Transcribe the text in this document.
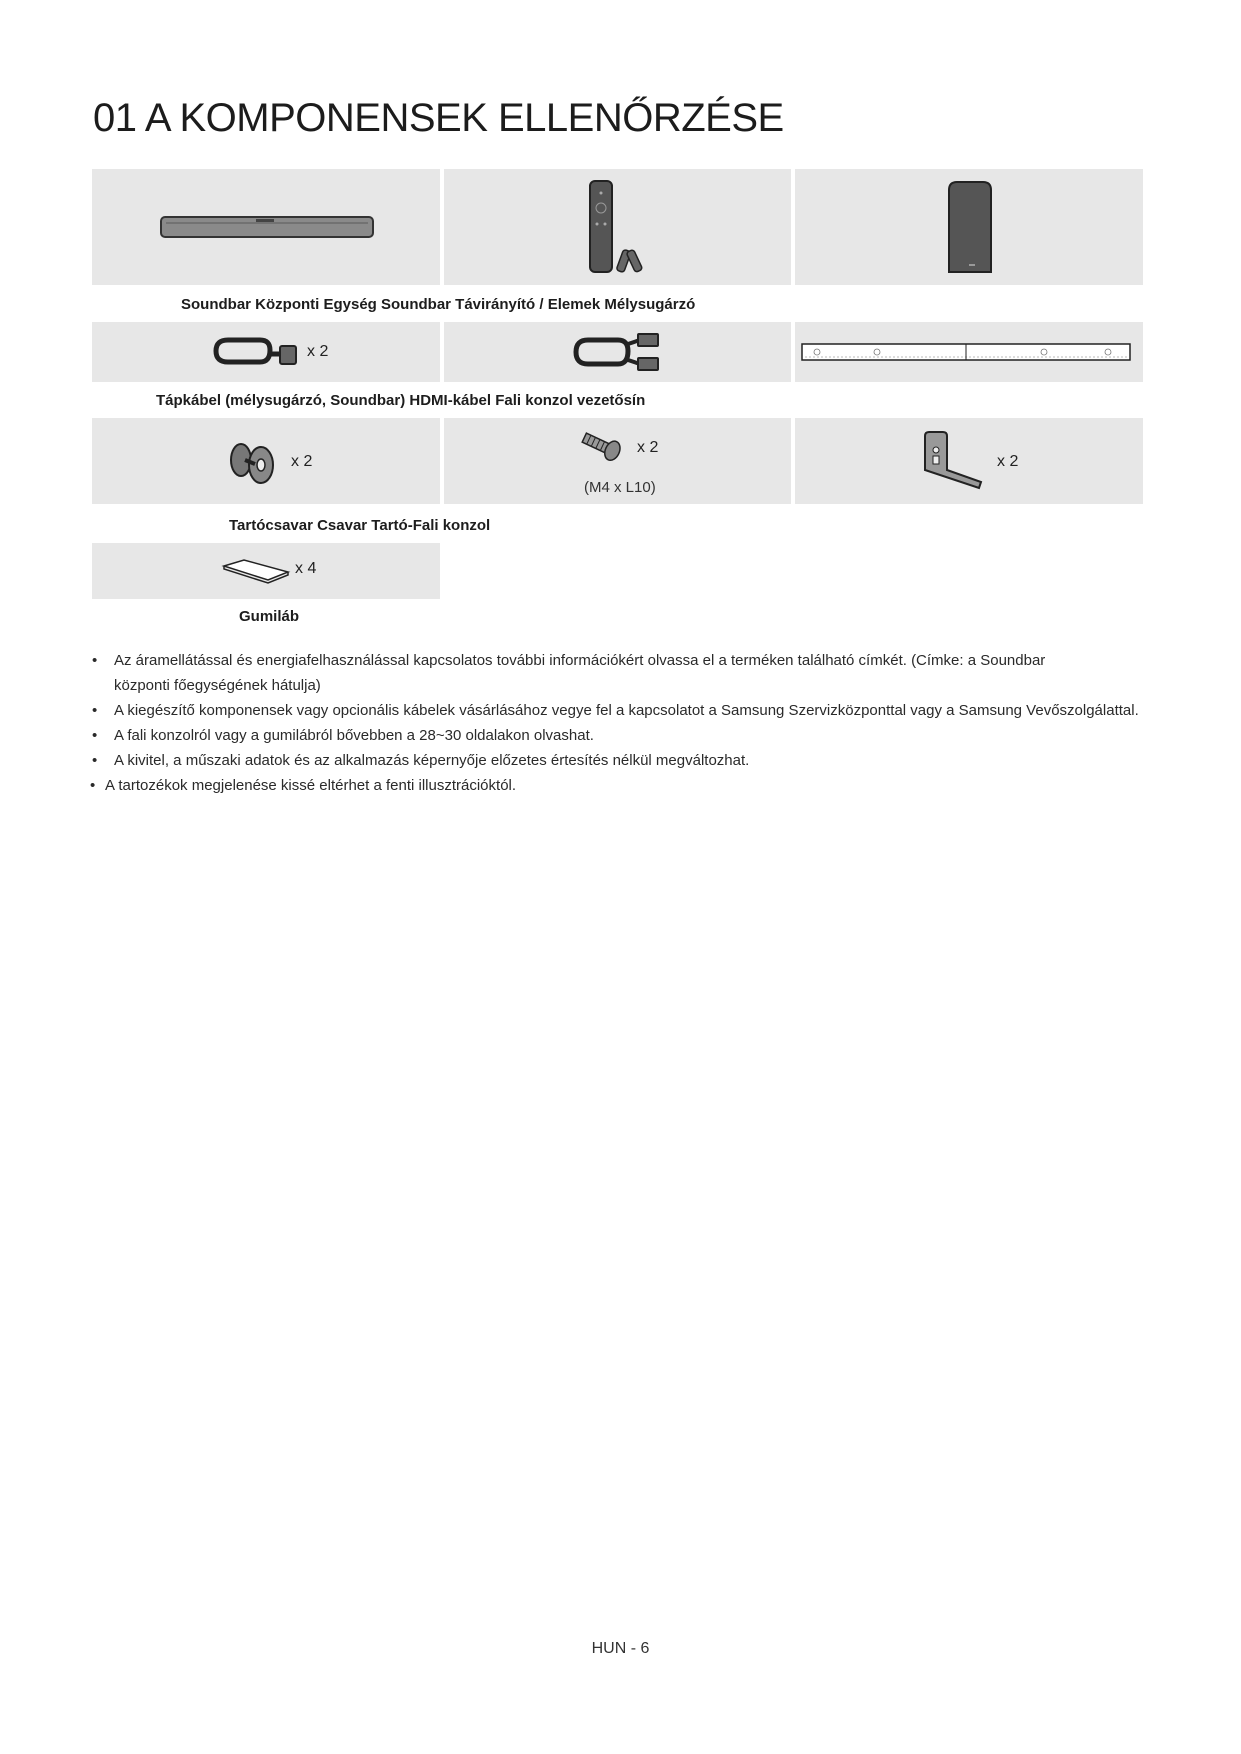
01 A KOMPONENSEK ELLENŐRZÉSE
Soundbar Központi Egység Soundbar Távirányító / Elemek Mélysugárzó
x 2
Tápkábel (mélysugárzó, Soundbar) HDMI-kábel Fali konzol vezetősín
x 2
x 2
(M4 x L10)
x 2
Tartócsavar Csavar Tartó-Fali konzol
x 4
Gumiláb
• Az áramellátással és energiafelhasználással kapcsolatos további információkért olvassa el a terméken található címkét. (Címke: a Soundbar központi főegységének hátulja)
• A kiegészítő komponensek vagy opcionális kábelek vásárlásához vegye fel a kapcsolatot a Samsung Szervizközponttal vagy a Samsung Vevőszolgálattal.
• A fali konzolról vagy a gumilábról bővebben a 28~30 oldalakon olvashat.
• A kivitel, a műszaki adatok és az alkalmazás képernyője előzetes értesítés nélkül megváltozhat.
• A tartozékok megjelenése kissé eltérhet a fenti illusztrációktól.
HUN - 6
